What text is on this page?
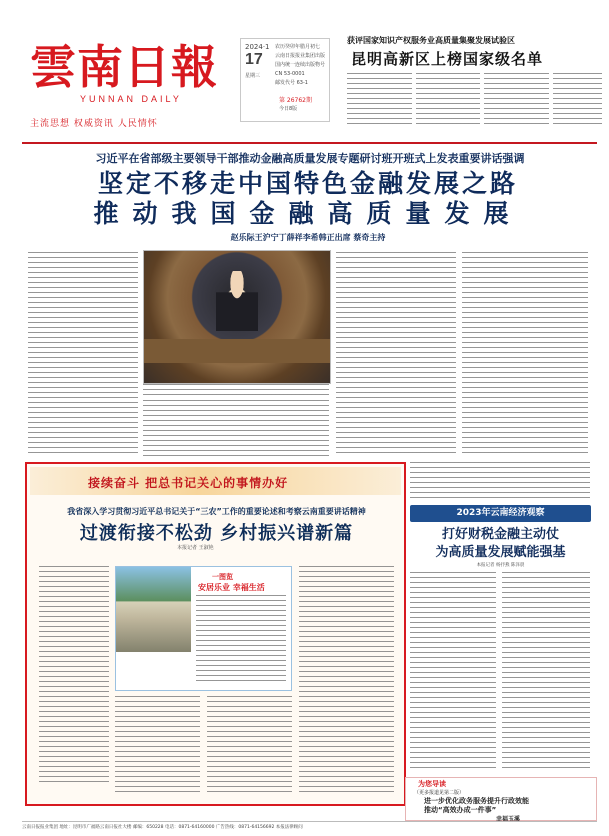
雲南日報
YUNNAN DAILY
主流思想 权威资讯 人民情怀
2024·1
17
星期三
农历癸卯年腊月初七
云南日报报业集团出版
国内统一连续出版物号
CN 53-0001
邮发代号 63-1
第 26762期
今日8版
获评国家知识产权服务业高质量集聚发展试验区
昆明高新区上榜国家级名单
习近平在省部级主要领导干部推动金融高质量发展专题研讨班开班式上发表重要讲话强调
坚定不移走中国特色金融发展之路
推动我国金融高质量发展
赵乐际王沪宁丁薛祥李希韩正出席 蔡奇主持
接续奋斗 把总书记关心的事情办好
我省深入学习贯彻习近平总书记关于“三农”工作的重要论述和考察云南重要讲话精神
过渡衔接不松劲 乡村振兴谱新篇
本报记者 王淑艳
一图览
安居乐业 幸福生活
2023年云南经济观察
打好财税金融主动仗
为高质量发展赋能强基
本报记者 杨抒燕 陈泽晨
为您导读
（更多报道见第二版）
进一步优化政务服务提升行政效能
推动“高效办成一件事”
幸福玉溪
云南日报报业集团 地址：昆明市广福路云南日报社大楼 邮编：650228 电话：0871-64160000 广告热线：0871-64156692 本报法律顾问
